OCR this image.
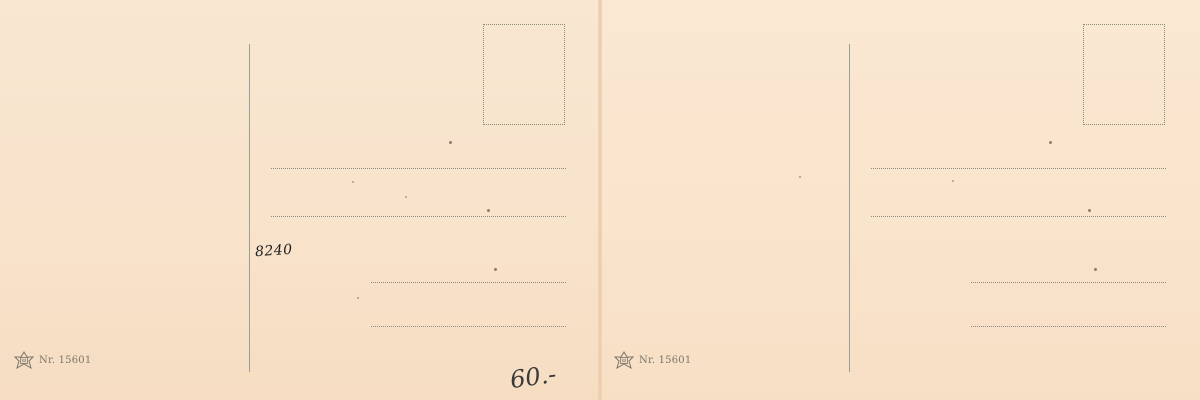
8240
60.-
W Nr. 15601	W Nr. 15601
